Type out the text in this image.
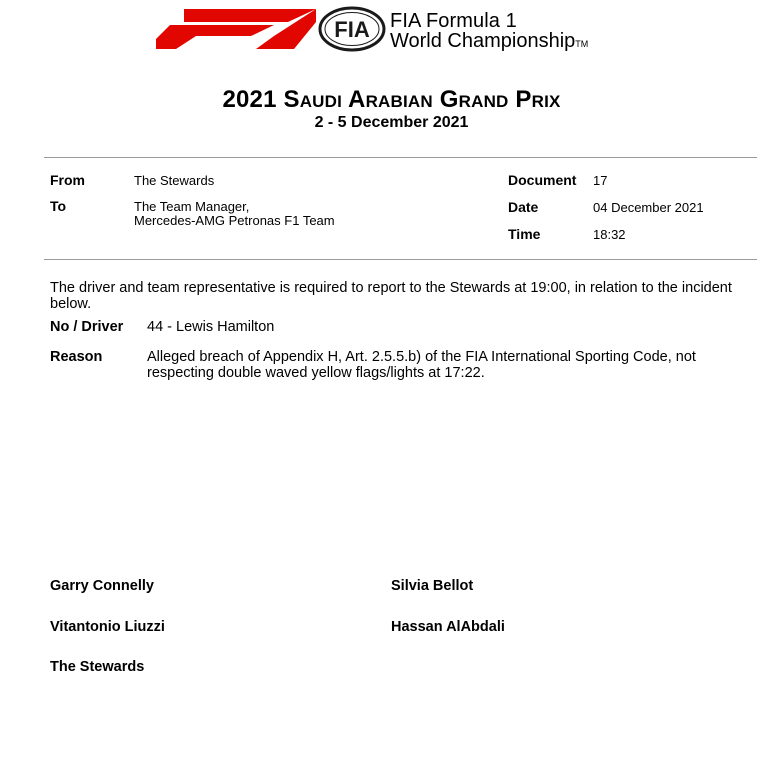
FIA FIA Formula 1
World ChampionshipTM
2021 Saudi Arabian Grand Prix
2 - 5 December 2021
From	The Stewards
To	The Team Manager,
Mercedes-AMG Petronas F1 Team
Document 17
Date	04 December 2021
Time	18:32
The driver and team representative is required to report to the Stewards at 19:00, in relation to the incident below.
No / Driver 44 - Lewis Hamilton
Reason	Alleged breach of Appendix H, Art. 2.5.5.b) of the FIA International Sporting Code, not respecting double waved yellow flags/lights at 17:22.
Garry Connelly	Silvia Bellot
Vitantonio Liuzzi	Hassan AlAbdali
The Stewards
